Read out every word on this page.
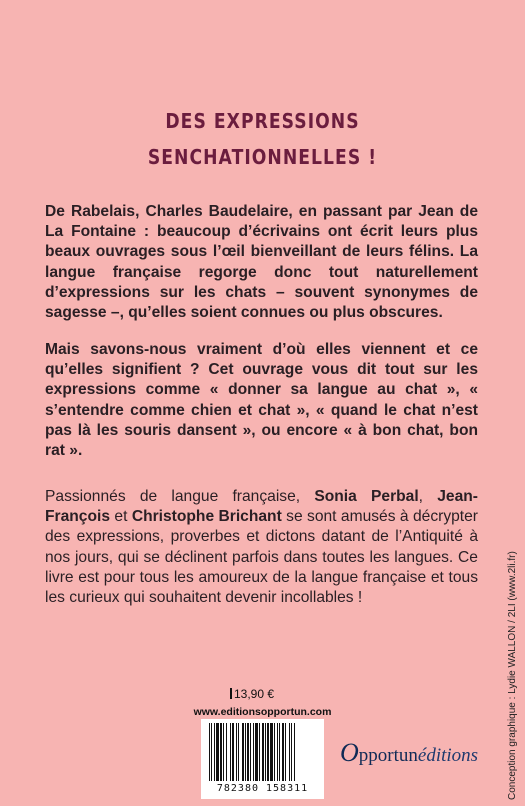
DES EXPRESSIONS
SENCHATIONNELLES !
De Rabelais, Charles Baudelaire, en passant par Jean de La Fontaine : beaucoup d’écrivains ont écrit leurs plus beaux ouvrages sous l’œil bienveillant de leurs félins. La langue française regorge donc tout naturellement d’expressions sur les chats – souvent synonymes de sagesse –, qu’elles soient connues ou plus obscures.
Mais savons-nous vraiment d’où elles viennent et ce qu’elles signifient ? Cet ouvrage vous dit tout sur les expressions comme « donner sa langue au chat », « s’entendre comme chien et chat », « quand le chat n’est pas là les souris dansent », ou encore « à bon chat, bon rat ».
Passionnés de langue française, Sonia Perbal, Jean-François et Christophe Brichant se sont amusés à décrypter des expressions, proverbes et dictons datant de l’Antiquité à nos jours, qui se déclinent parfois dans toutes les langues. Ce livre est pour tous les amoureux de la langue française et tous les curieux qui souhaitent devenir incollables !
13,90 €
www.editionsopportun.com
782380 158311
Opportunéditions	Conception graphique : Lydie WALLON / 2LI (www.2li.fr)
